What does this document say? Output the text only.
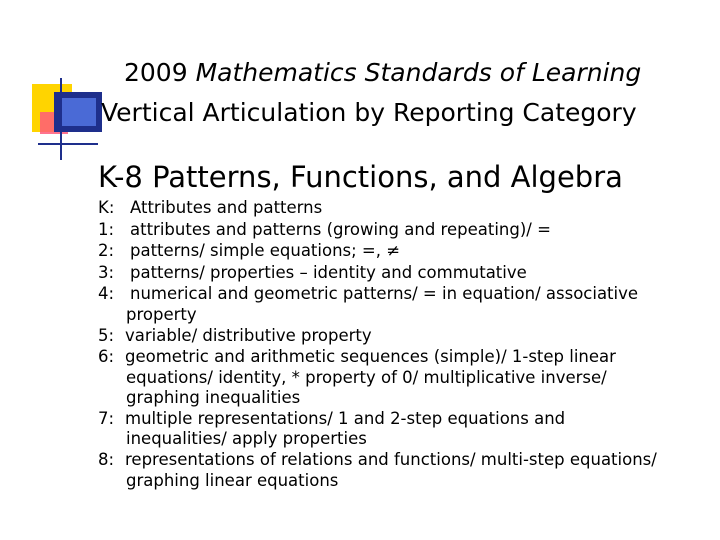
2009 Mathematics Standards of Learning
Vertical Articulation by Reporting Category
K-8 Patterns, Functions, and Algebra
K: Attributes and patterns
1: attributes and patterns (growing and repeating)/ =
2: patterns/ simple equations; =, ≠
3: patterns/ properties – identity and commutative
4: numerical and geometric patterns/ = in equation/ associative
property
5: variable/ distributive property
6: geometric and arithmetic sequences (simple)/ 1-step linear
equations/ identity, * property of 0/ multiplicative inverse/
graphing inequalities
7: multiple representations/ 1 and 2-step equations and
inequalities/ apply properties
8: representations of relations and functions/ multi-step equations/
graphing linear equations
